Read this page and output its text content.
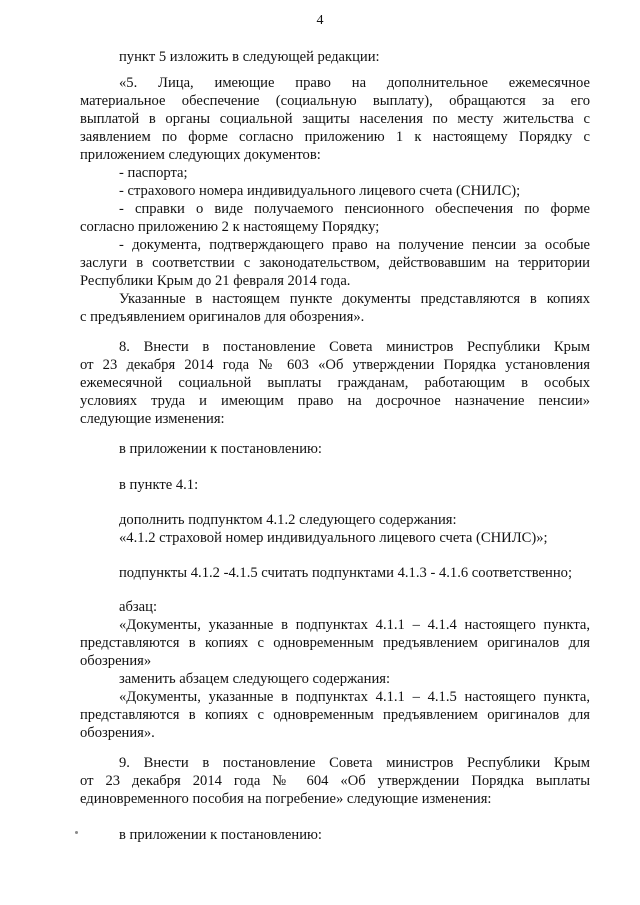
4

пункт 5 изложить в следующей редакции:

«5. Лица, имеющие право на дополнительное ежемесячное

материальное обеспечение (социальную выплату), обращаются за его

выплатой в органы социальной защиты населения по месту жительства с

заявлением по форме согласно приложению 1 к настоящему Порядку с

приложением следующих документов:

- паспорта;

- страхового номера индивидуального лицевого счета (СНИЛС);

- справки о виде получаемого пенсионного обеспечения по форме

согласно приложению 2 к настоящему Порядку;

- документа, подтверждающего право на получение пенсии за особые

заслуги в соответствии с законодательством, действовавшим на территории

Республики Крым до 21 февраля 2014 года.

Указанные в настоящем пункте документы представляются в копиях

с предъявлением оригиналов для обозрения».

8. Внести в постановление Совета министров Республики Крым

от 23 декабря 2014 года № 603 «Об утверждении Порядка установления

ежемесячной социальной выплаты гражданам, работающим в особых

условиях труда и имеющим право на досрочное назначение пенсии»

следующие изменения:

в приложении к постановлению:

в пункте 4.1:

дополнить подпунктом 4.1.2 следующего содержания:

«4.1.2 страховой номер индивидуального лицевого счета (СНИЛС)»;

подпункты 4.1.2 -4.1.5 считать подпунктами 4.1.3 - 4.1.6 соответственно;

абзац:

«Документы, указанные в подпунктах 4.1.1 – 4.1.4 настоящего пункта,

представляются в копиях с одновременным предъявлением оригиналов для

обозрения»

заменить абзацем следующего содержания:

«Документы, указанные в подпунктах 4.1.1 – 4.1.5 настоящего пункта,

представляются в копиях с одновременным предъявлением оригиналов для

обозрения».

9. Внести в постановление Совета министров Республики Крым

от 23 декабря 2014 года № 604 «Об утверждении Порядка выплаты

единовременного пособия на погребение» следующие изменения:

в приложении к постановлению:
